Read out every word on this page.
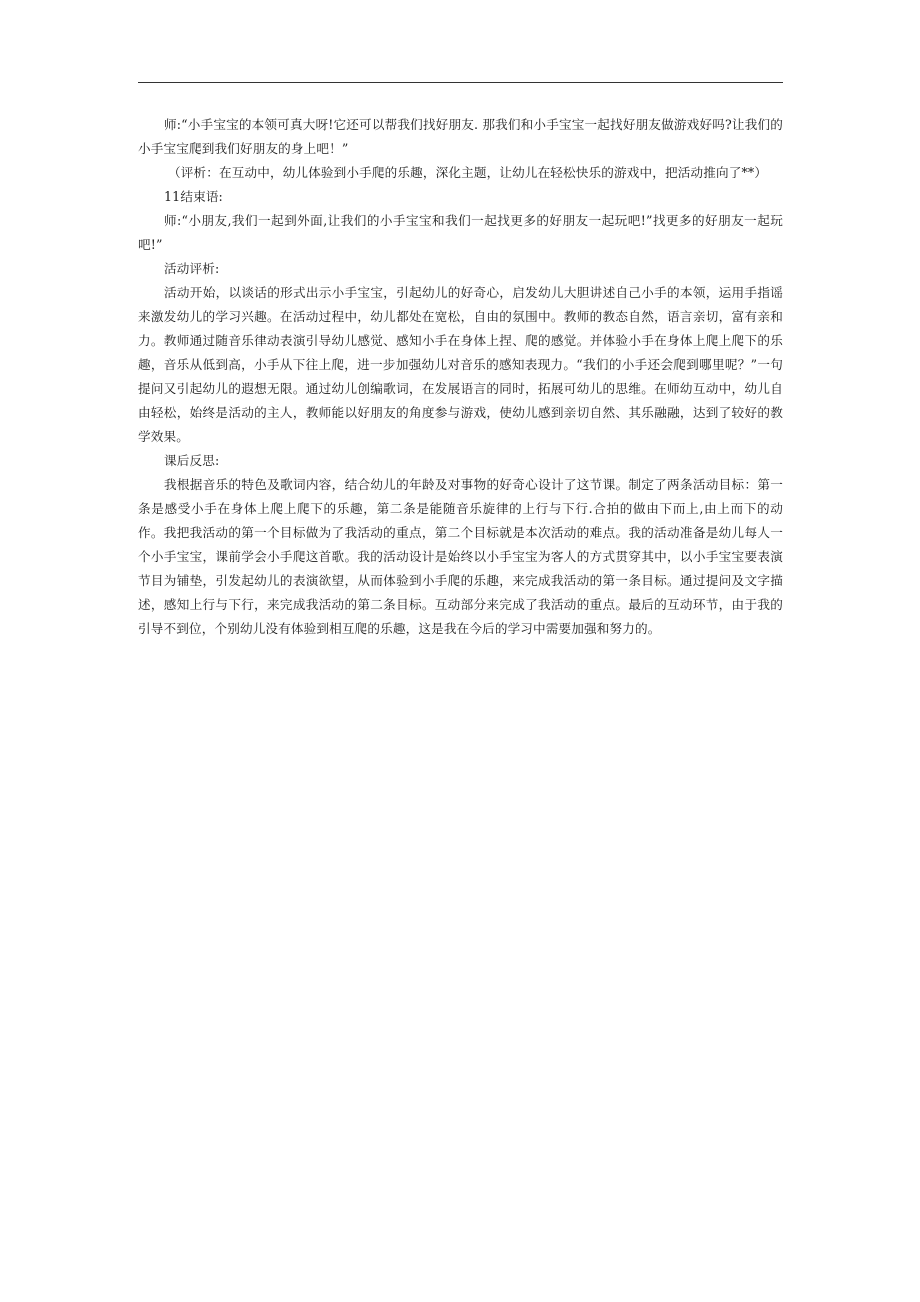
师:“小手宝宝的本领可真大呀!它还可以帮我们找好朋友. 那我们和小手宝宝一起找好朋友做游戏好吗?让我们的小手宝宝爬到我们好朋友的身上吧！”

（评析：在互动中，幼儿体验到小手爬的乐趣，深化主题，让幼儿在轻松快乐的游戏中，把活动推向了**）

11结束语:

师:“小朋友,我们一起到外面,让我们的小手宝宝和我们一起找更多的好朋友一起玩吧!”找更多的好朋友一起玩吧!”

活动评析:

活动开始，以谈话的形式出示小手宝宝，引起幼儿的好奇心，启发幼儿大胆讲述自己小手的本领，运用手指谣来激发幼儿的学习兴趣。在活动过程中，幼儿都处在宽松，自由的氛围中。教师的教态自然，语言亲切，富有亲和力。教师通过随音乐律动表演引导幼儿感觉、感知小手在身体上捏、爬的感觉。并体验小手在身体上爬上爬下的乐趣，音乐从低到高，小手从下往上爬，进一步加强幼儿对音乐的感知表现力。“我们的小手还会爬到哪里呢？”一句提问又引起幼儿的遐想无限。通过幼儿创编歌词，在发展语言的同时，拓展可幼儿的思维。在师幼互动中，幼儿自由轻松，始终是活动的主人，教师能以好朋友的角度参与游戏，使幼儿感到亲切自然、其乐融融，达到了较好的教学效果。

课后反思:

我根据音乐的特色及歌词内容，结合幼儿的年龄及对事物的好奇心设计了这节课。制定了两条活动目标：第一条是感受小手在身体上爬上爬下的乐趣，第二条是能随音乐旋律的上行与下行.合拍的做由下而上,由上而下的动作。我把我活动的第一个目标做为了我活动的重点，第二个目标就是本次活动的难点。我的活动准备是幼儿每人一个小手宝宝，课前学会小手爬这首歌。我的活动设计是始终以小手宝宝为客人的方式贯穿其中，以小手宝宝要表演节目为铺垫，引发起幼儿的表演欲望，从而体验到小手爬的乐趣，来完成我活动的第一条目标。通过提问及文字描述，感知上行与下行，来完成我活动的第二条目标。互动部分来完成了我活动的重点。最后的互动环节，由于我的引导不到位，个别幼儿没有体验到相互爬的乐趣，这是我在今后的学习中需要加强和努力的。
